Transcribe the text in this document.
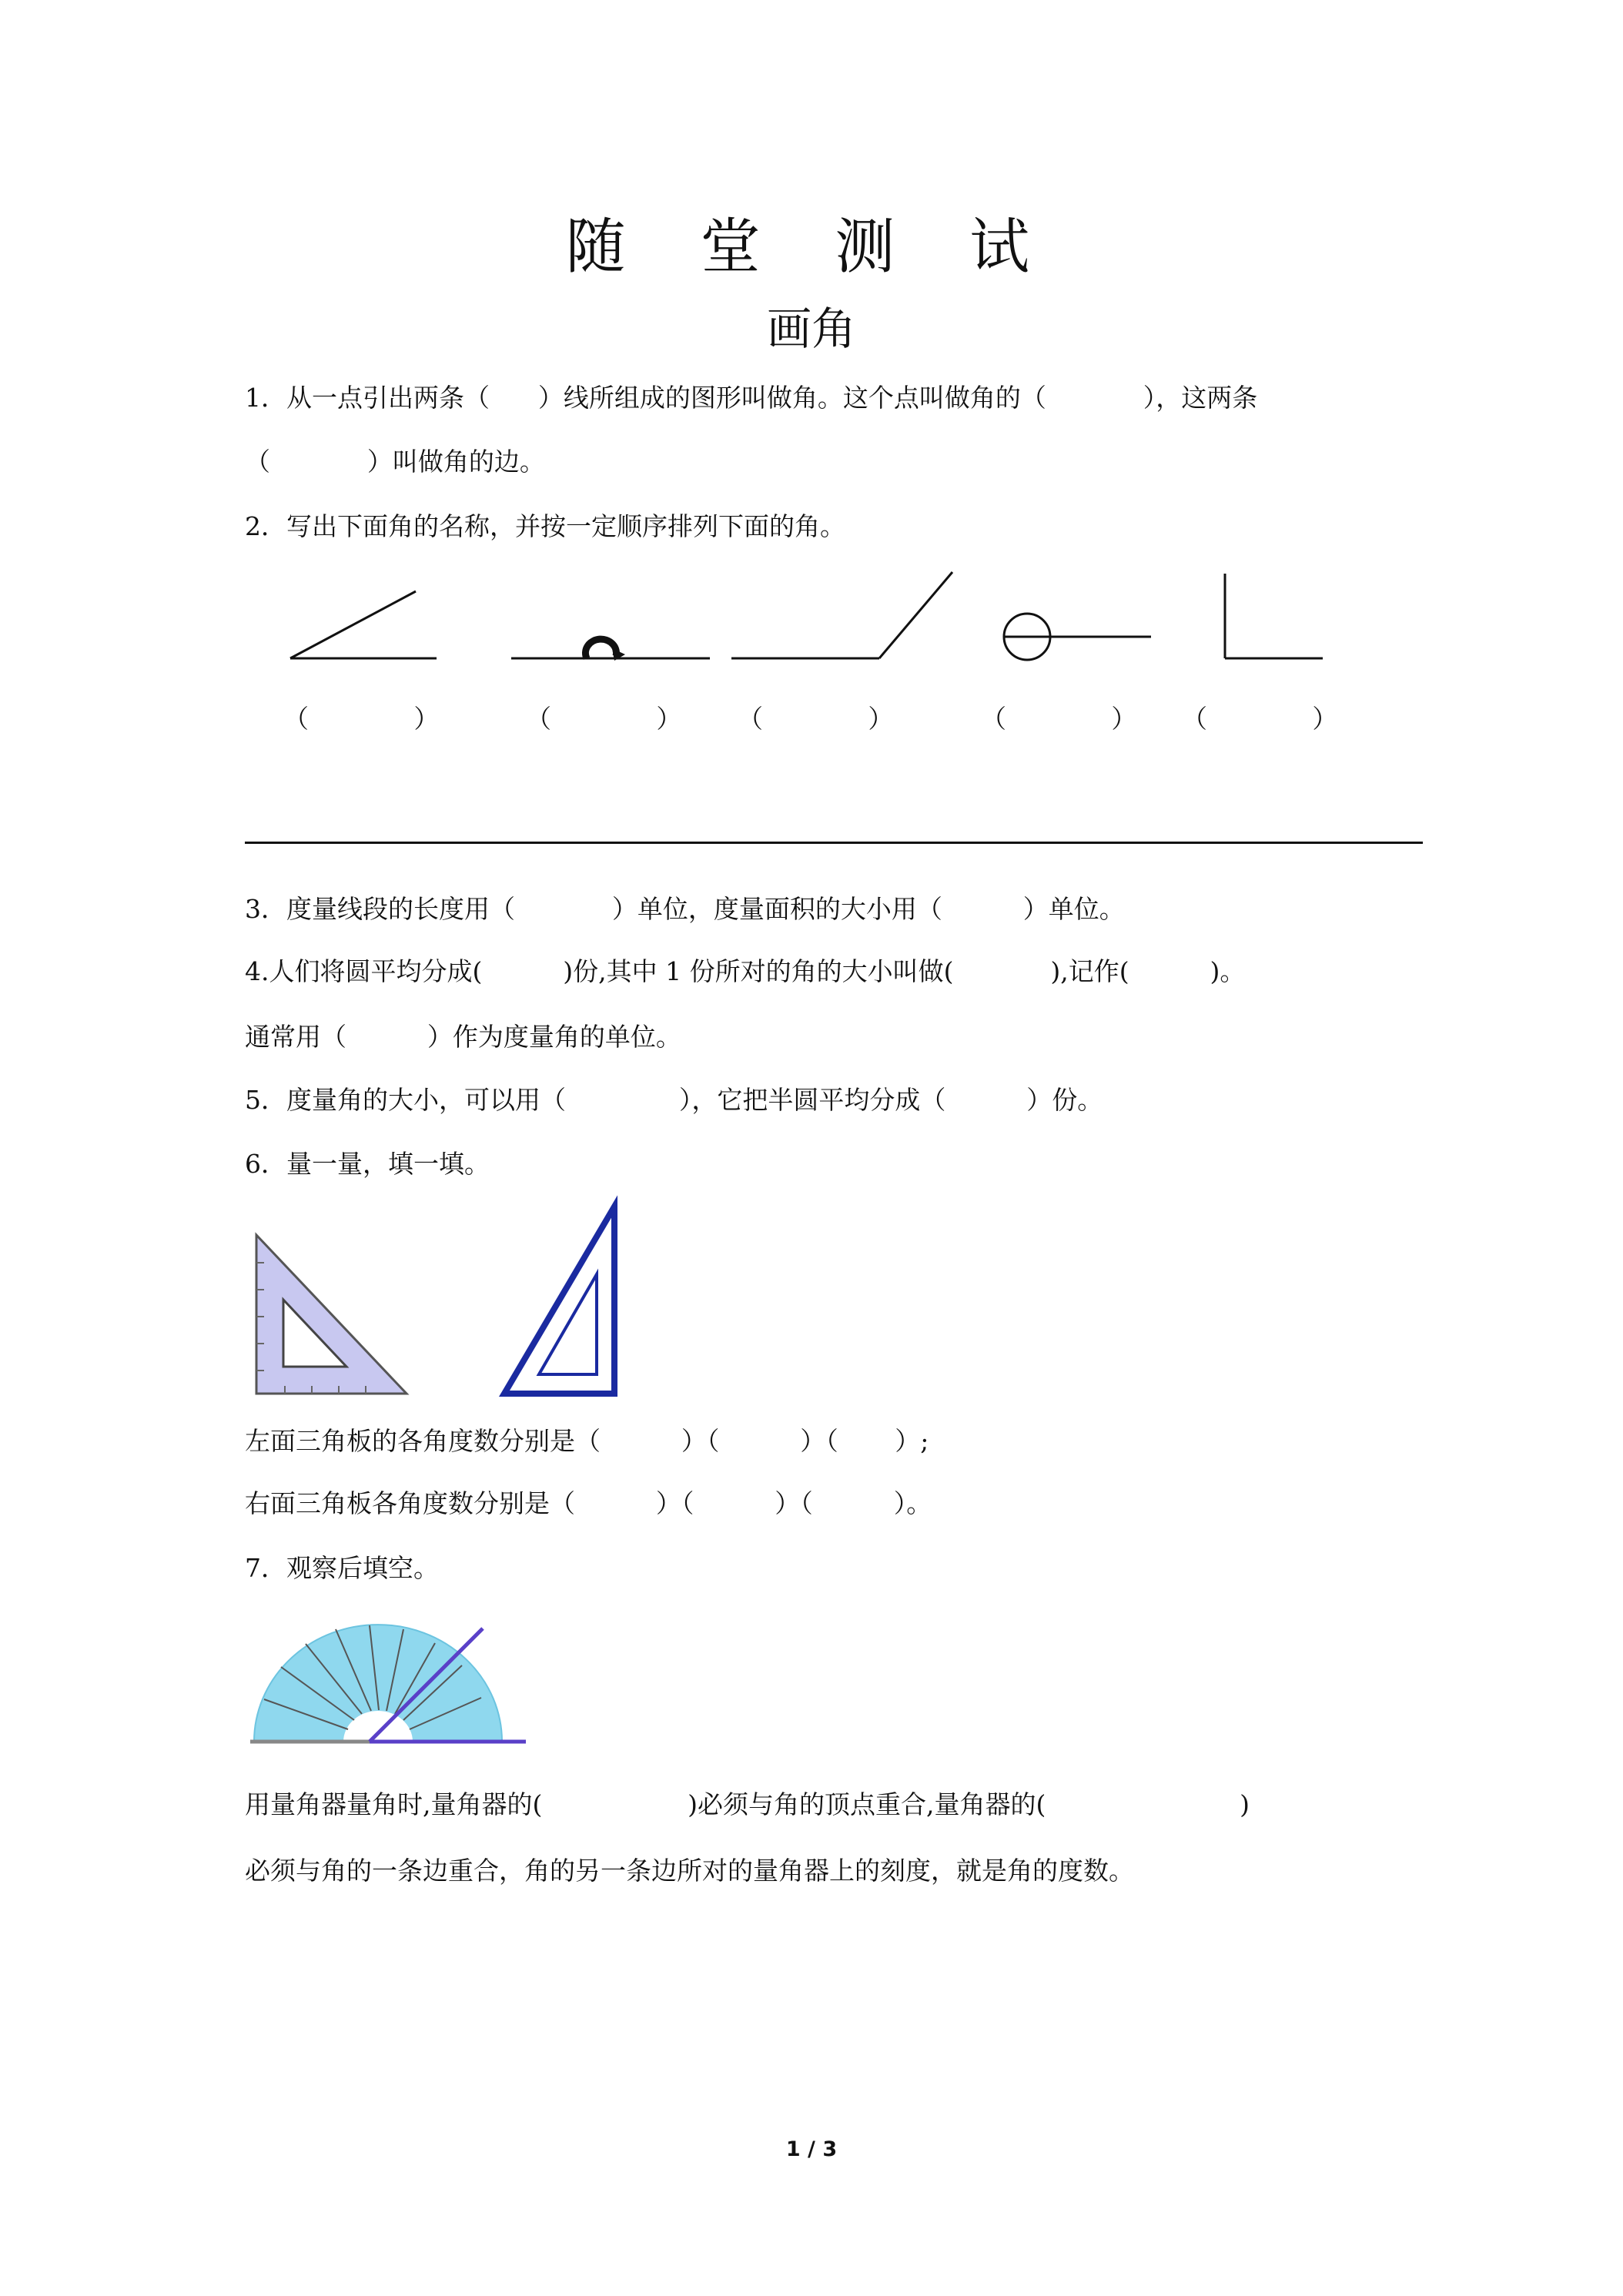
随 堂 测 试
画角
1．从一点引出两条（      ）线所组成的图形叫做角。这个点叫做角的（            ），这两条
（            ）叫做角的边。
2．写出下面角的名称，并按一定顺序排列下面的角。
（             ）	（             ） （             ）	（             ） （             ）
3．度量线段的长度用（            ）单位，度量面积的大小用（          ）单位。
4.人们将圆平均分成(          )份,其中 1 份所对的角的大小叫做(            ),记作(          )。
通常用（          ）作为度量角的单位。
5．度量角的大小，可以用（              ），它把半圆平均分成（          ）份。
6．量一量，填一填。
左面三角板的各角度数分别是（          ）（          ）（       ）;
右面三角板各角度数分别是（          ）（          ）（          ）。
7．观察后填空。
用量角器量角时,量角器的(                  )必须与角的顶点重合,量角器的(                        )
必须与角的一条边重合，角的另一条边所对的量角器上的刻度，就是角的度数。
1 / 3
